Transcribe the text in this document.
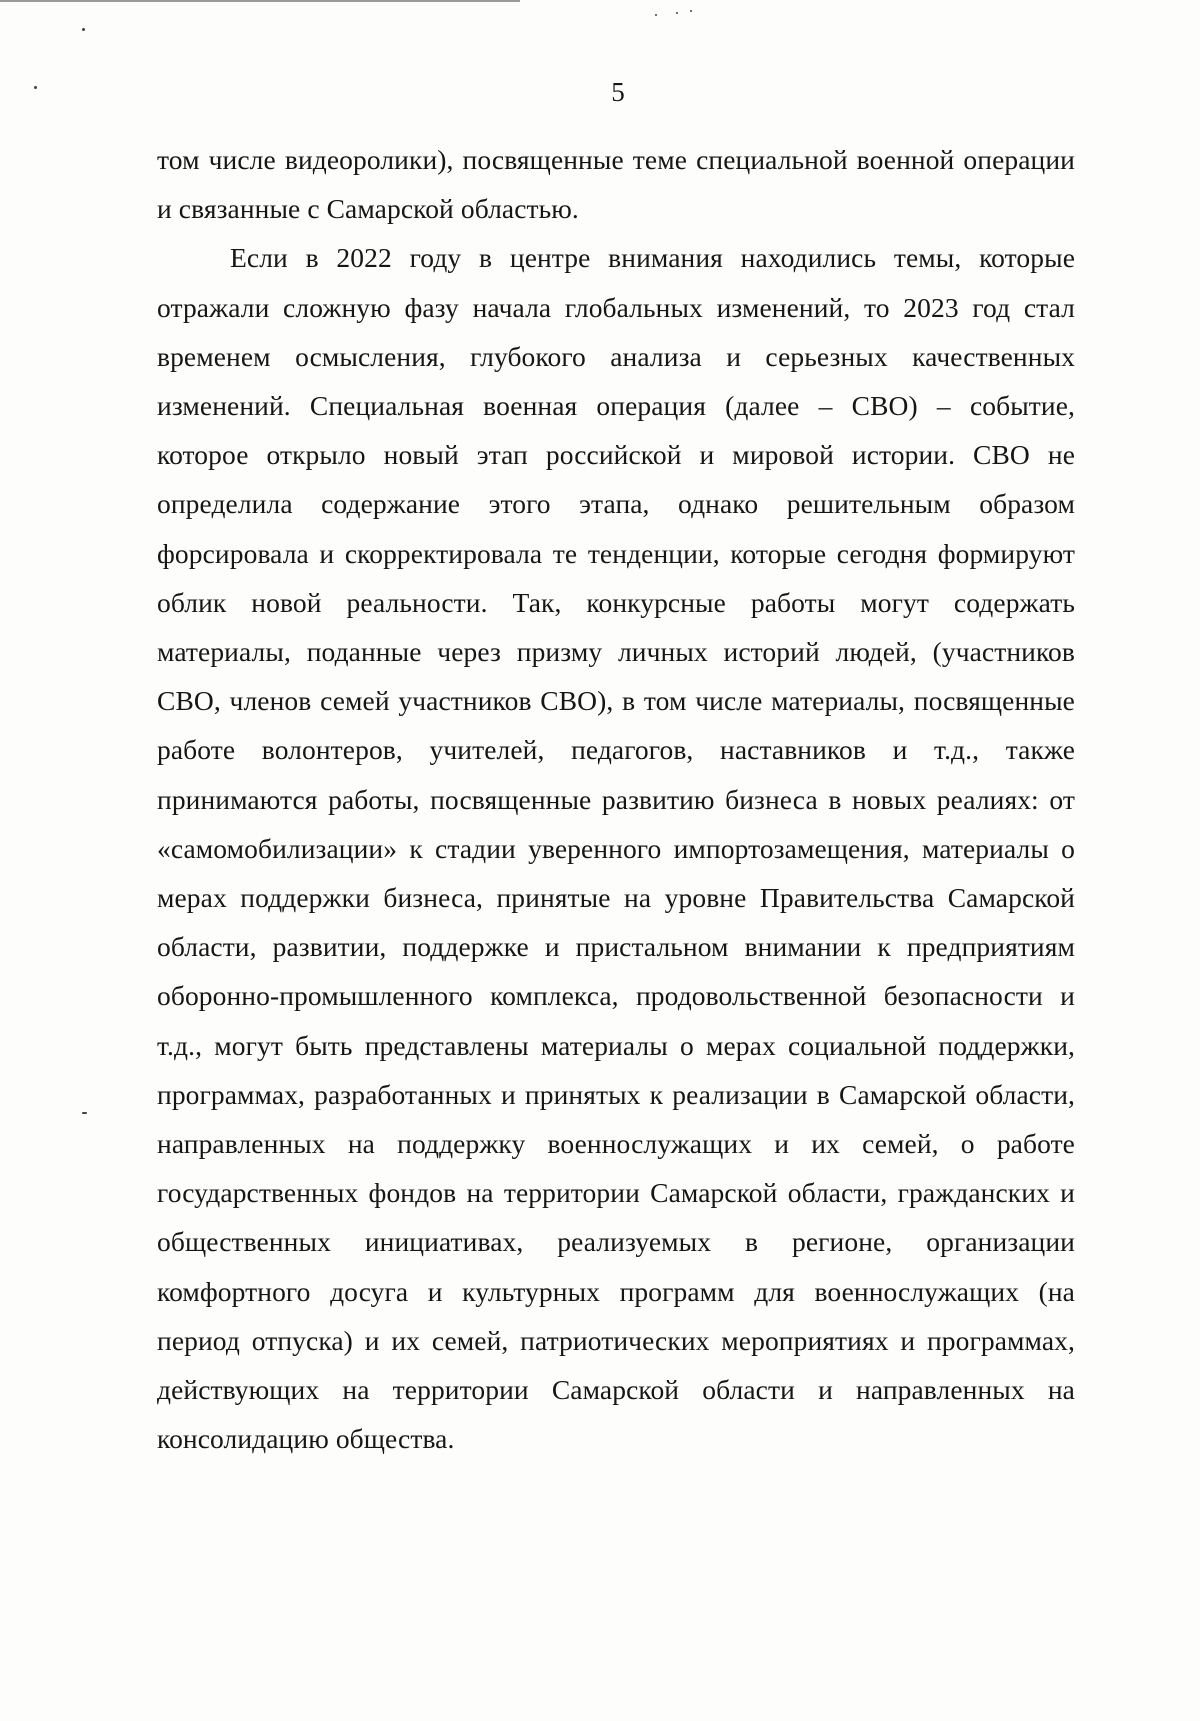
5

том числе видеоролики), посвященные теме специальной военной операции и связанные с Самарской областью.

Если в 2022 году в центре внимания находились темы, которые отражали сложную фазу начала глобальных изменений, то 2023 год стал временем осмысления, глубокого анализа и серьезных качественных изменений. Специальная военная операция (далее – СВО) – событие, которое открыло новый этап российской и мировой истории. СВО не определила содержание этого этапа, однако решительным образом форсировала и скорректировала те тенденции, которые сегодня формируют облик новой реальности. Так, конкурсные работы могут содержать материалы, поданные через призму личных историй людей, (участников СВО, членов семей участников СВО), в том числе материалы, посвященные работе волонтеров, учителей, педагогов, наставников и т.д., также принимаются работы, посвященные развитию бизнеса в новых реалиях: от «самомобилизации» к стадии уверенного импортозамещения, материалы о мерах поддержки бизнеса, принятые на уровне Правительства Самарской области, развитии, поддержке и пристальном внимании к предприятиям оборонно-промышленного комплекса, продовольственной безопасности и т.д., могут быть представлены материалы о мерах социальной поддержки, программах, разработанных и принятых к реализации в Самарской области, направленных на поддержку военнослужащих и их семей, о работе государственных фондов на территории Самарской области, гражданских и общественных инициативах, реализуемых в регионе, организации комфортного досуга и культурных программ для военнослужащих (на период отпуска) и их семей, патриотических мероприятиях и программах, действующих на территории Самарской области и направленных на консолидацию общества.
